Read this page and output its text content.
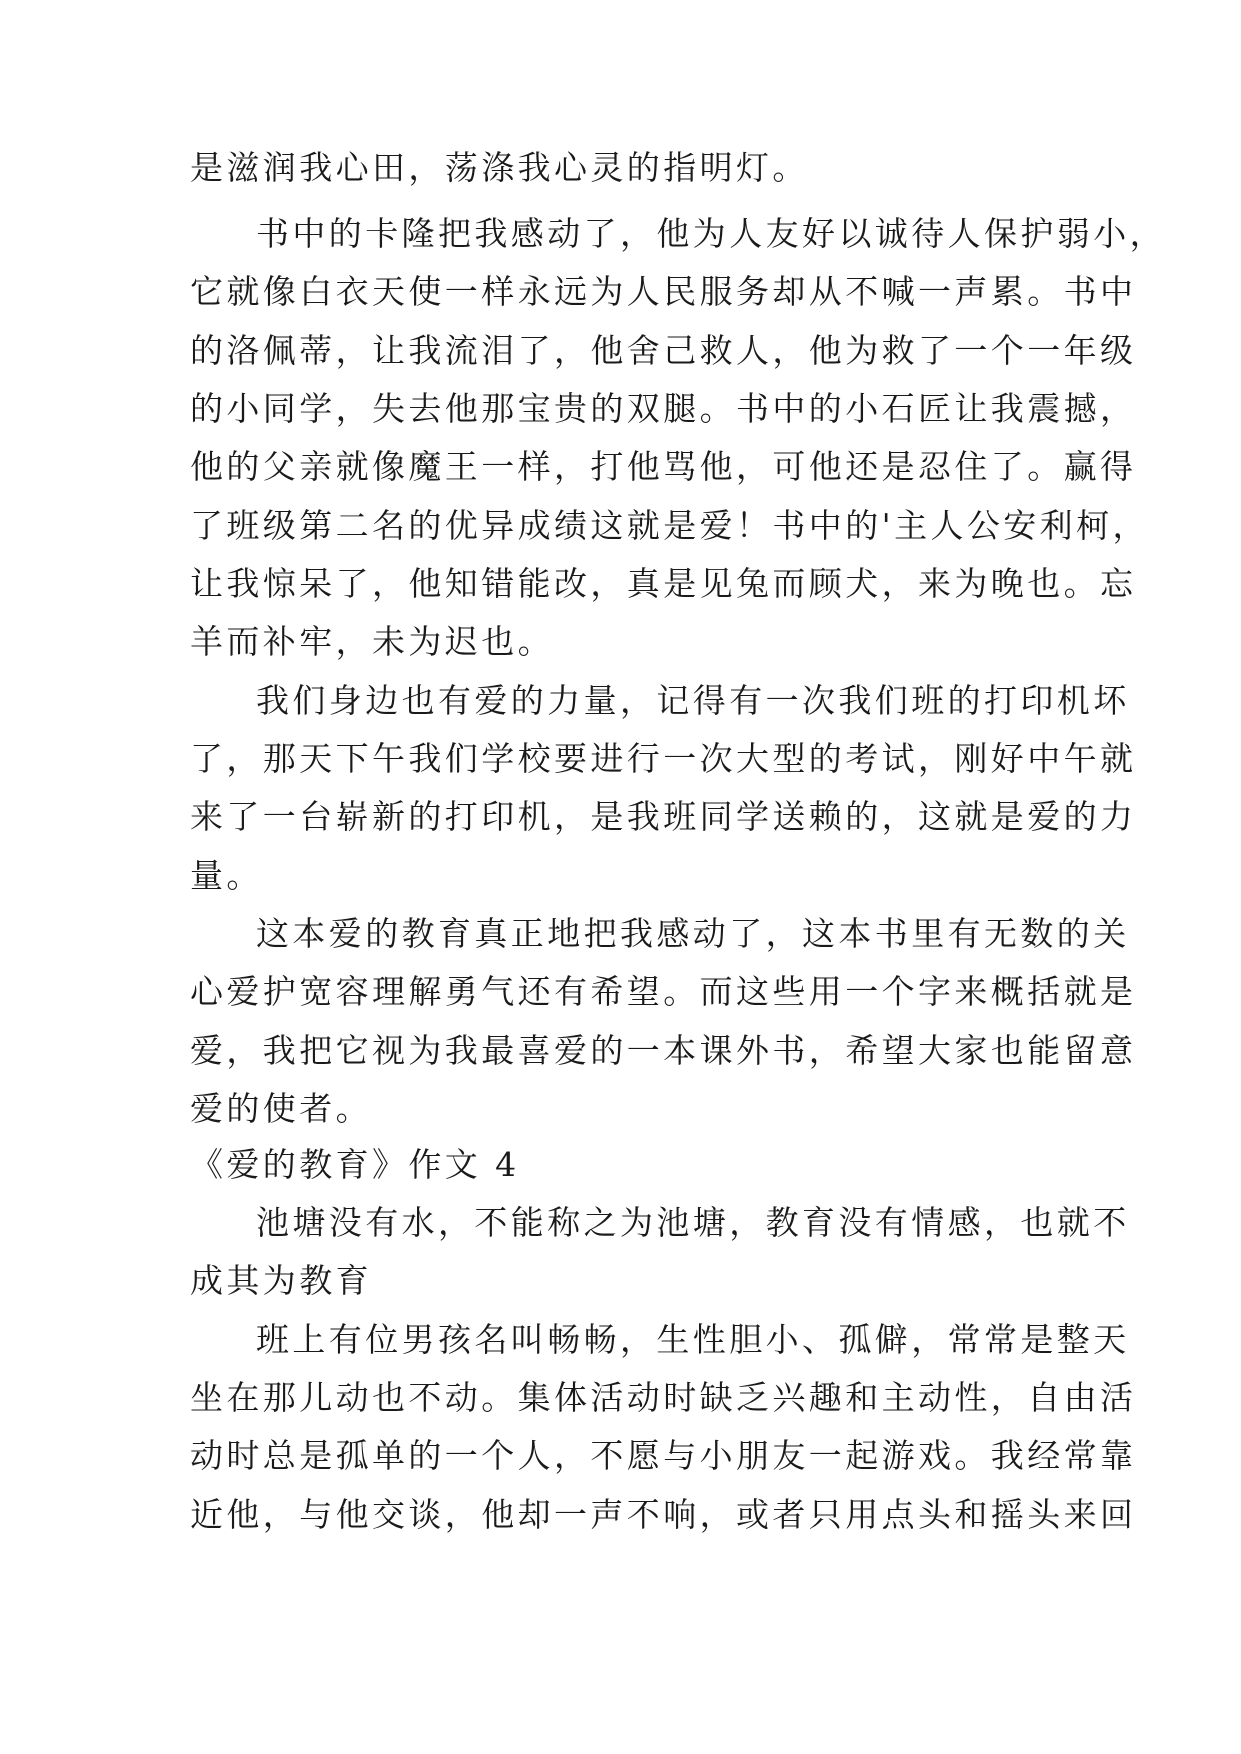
是滋润我心田，荡涤我心灵的指明灯。
书中的卡隆把我感动了，他为人友好以诚待人保护弱小，
它就像白衣天使一样永远为人民服务却从不喊一声累。书中
的洛佩蒂，让我流泪了，他舍己救人，他为救了一个一年级
的小同学，失去他那宝贵的双腿。书中的小石匠让我震撼，
他的父亲就像魔王一样，打他骂他，可他还是忍住了。赢得
了班级第二名的优异成绩这就是爱！书中的'主人公安利柯，
让我惊呆了，他知错能改，真是见兔而顾犬，来为晚也。忘
羊而补牢，未为迟也。
我们身边也有爱的力量，记得有一次我们班的打印机坏
了，那天下午我们学校要进行一次大型的考试，刚好中午就
来了一台崭新的打印机，是我班同学送赖的，这就是爱的力
量。
这本爱的教育真正地把我感动了，这本书里有无数的关
心爱护宽容理解勇气还有希望。而这些用一个字来概括就是
爱，我把它视为我最喜爱的一本课外书，希望大家也能留意
爱的使者。
《爱的教育》作文 4
池塘没有水，不能称之为池塘，教育没有情感，也就不
成其为教育
班上有位男孩名叫畅畅，生性胆小、孤僻，常常是整天
坐在那儿动也不动。集体活动时缺乏兴趣和主动性，自由活
动时总是孤单的一个人，不愿与小朋友一起游戏。我经常靠
近他，与他交谈，他却一声不响，或者只用点头和摇头来回
